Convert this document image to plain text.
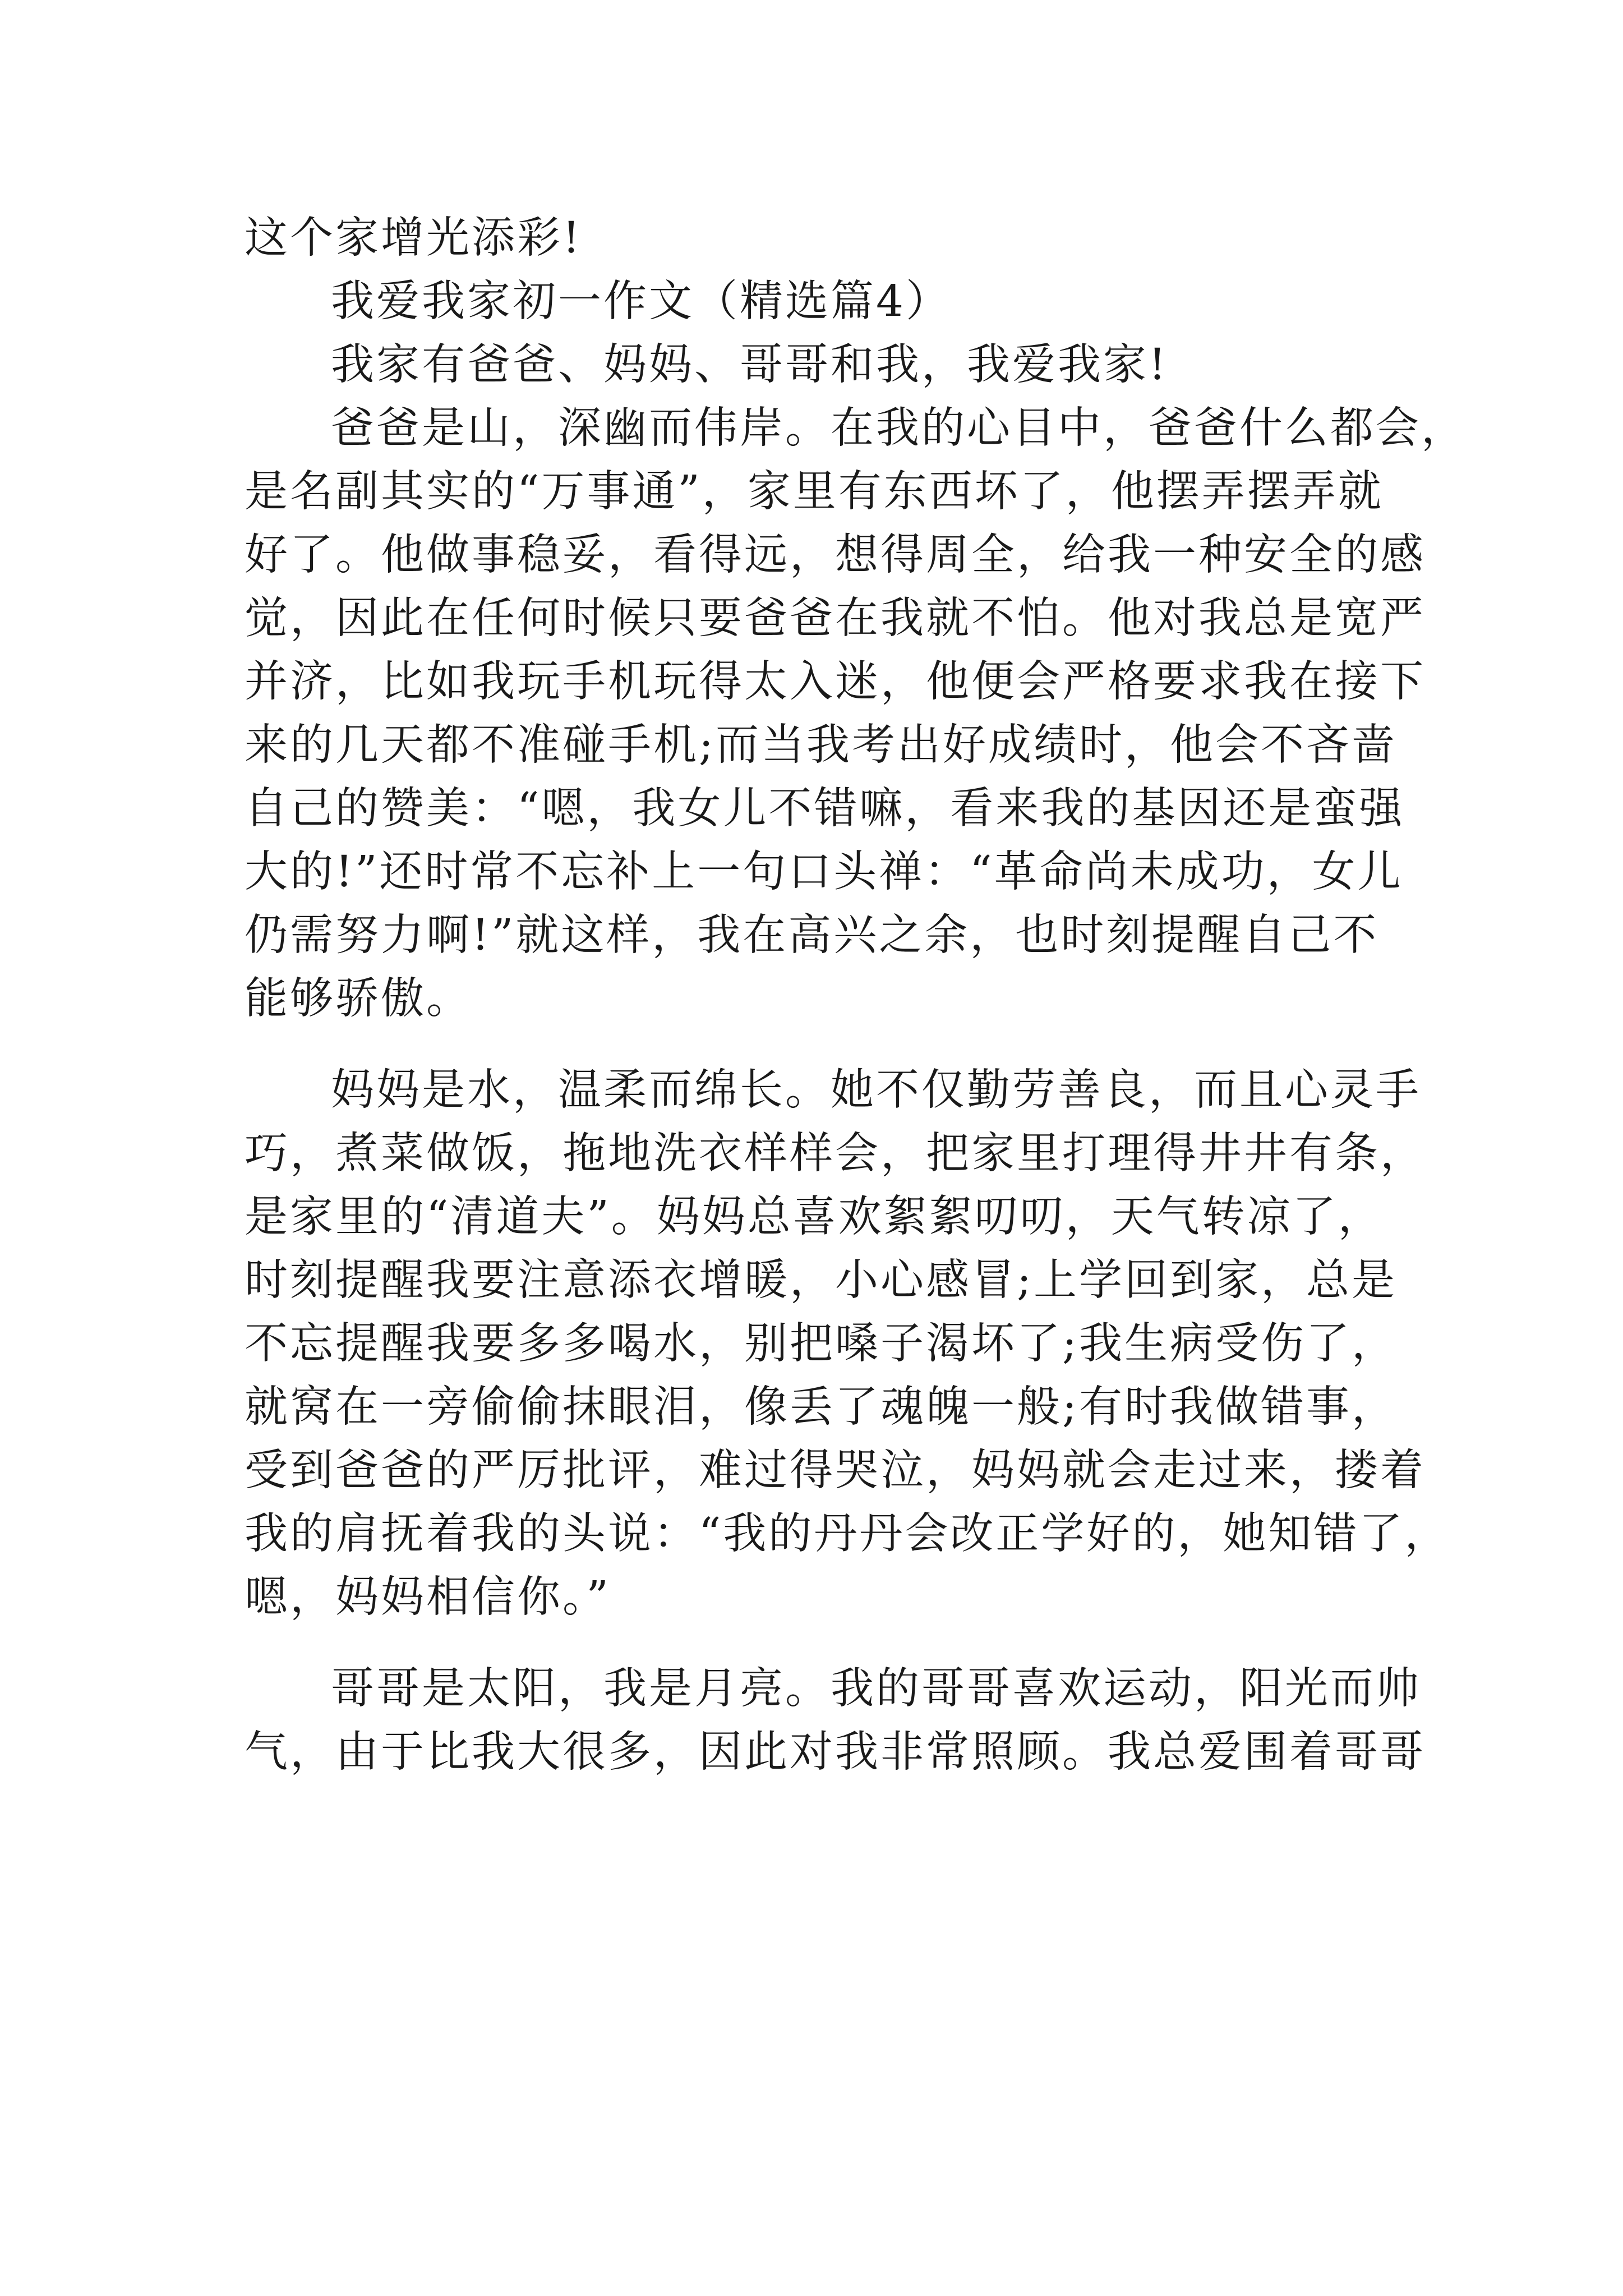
这个家增光添彩!
我爱我家初一作文（精选篇4）
我家有爸爸、妈妈、哥哥和我，我爱我家!
爸爸是山，深幽而伟岸。在我的心目中，爸爸什么都会，
是名副其实的“万事通”，家里有东西坏了，他摆弄摆弄就
好了。他做事稳妥，看得远，想得周全，给我一种安全的感
觉，因此在任何时候只要爸爸在我就不怕。他对我总是宽严
并济，比如我玩手机玩得太入迷，他便会严格要求我在接下
来的几天都不准碰手机;而当我考出好成绩时，他会不吝啬
自己的赞美：“嗯，我女儿不错嘛，看来我的基因还是蛮强
大的!”还时常不忘补上一句口头禅：“革命尚未成功，女儿
仍需努力啊!”就这样，我在高兴之余，也时刻提醒自己不
能够骄傲。
妈妈是水，温柔而绵长。她不仅勤劳善良，而且心灵手
巧，煮菜做饭，拖地洗衣样样会，把家里打理得井井有条，
是家里的“清道夫”。妈妈总喜欢絮絮叨叨，天气转凉了，
时刻提醒我要注意添衣增暖，小心感冒;上学回到家，总是
不忘提醒我要多多喝水，别把嗓子渴坏了;我生病受伤了，
就窝在一旁偷偷抹眼泪，像丢了魂魄一般;有时我做错事，
受到爸爸的严厉批评，难过得哭泣，妈妈就会走过来，搂着
我的肩抚着我的头说：“我的丹丹会改正学好的，她知错了，
嗯，妈妈相信你。”
哥哥是太阳，我是月亮。我的哥哥喜欢运动，阳光而帅
气，由于比我大很多，因此对我非常照顾。我总爱围着哥哥
